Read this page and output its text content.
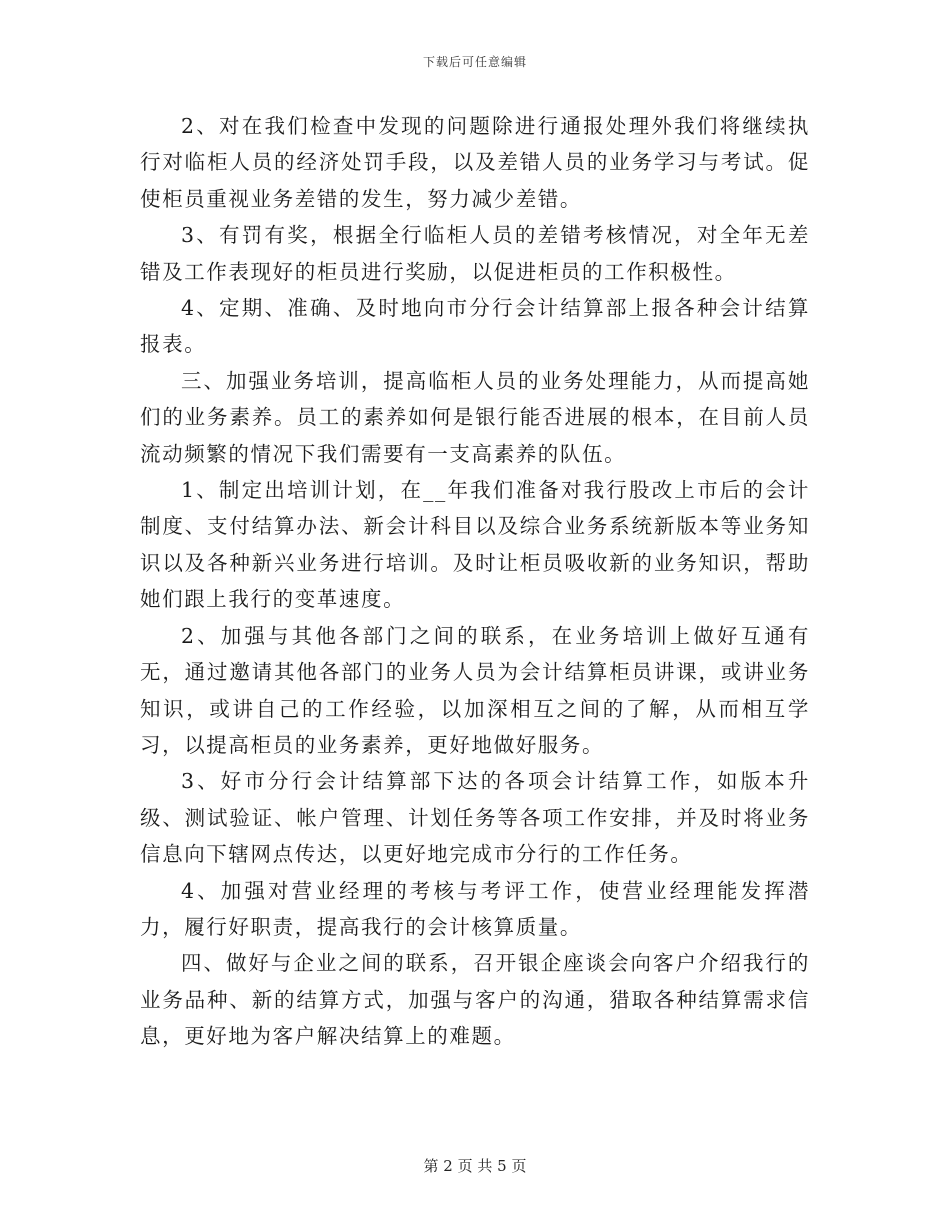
下载后可任意编辑

2、对在我们检查中发现的问题除进行通报处理外我们将继续执行对临柜人员的经济处罚手段，以及差错人员的业务学习与考试。促使柜员重视业务差错的发生，努力减少差错。

3、有罚有奖，根据全行临柜人员的差错考核情况，对全年无差错及工作表现好的柜员进行奖励，以促进柜员的工作积极性。

4、定期、准确、及时地向市分行会计结算部上报各种会计结算报表。

三、加强业务培训，提高临柜人员的业务处理能力，从而提高她们的业务素养。员工的素养如何是银行能否进展的根本，在目前人员流动频繁的情况下我们需要有一支高素养的队伍。

1、制定出培训计划，在__年我们准备对我行股改上市后的会计制度、支付结算办法、新会计科目以及综合业务系统新版本等业务知识以及各种新兴业务进行培训。及时让柜员吸收新的业务知识，帮助她们跟上我行的变革速度。

2、加强与其他各部门之间的联系，在业务培训上做好互通有无，通过邀请其他各部门的业务人员为会计结算柜员讲课，或讲业务知识，或讲自己的工作经验，以加深相互之间的了解，从而相互学习，以提高柜员的业务素养，更好地做好服务。

3、好市分行会计结算部下达的各项会计结算工作，如版本升级、测试验证、帐户管理、计划任务等各项工作安排，并及时将业务信息向下辖网点传达，以更好地完成市分行的工作任务。

4、加强对营业经理的考核与考评工作，使营业经理能发挥潜力，履行好职责，提高我行的会计核算质量。

四、做好与企业之间的联系，召开银企座谈会向客户介绍我行的业务品种、新的结算方式，加强与客户的沟通，猎取各种结算需求信息，更好地为客户解决结算上的难题。

第 2 页 共 5 页
